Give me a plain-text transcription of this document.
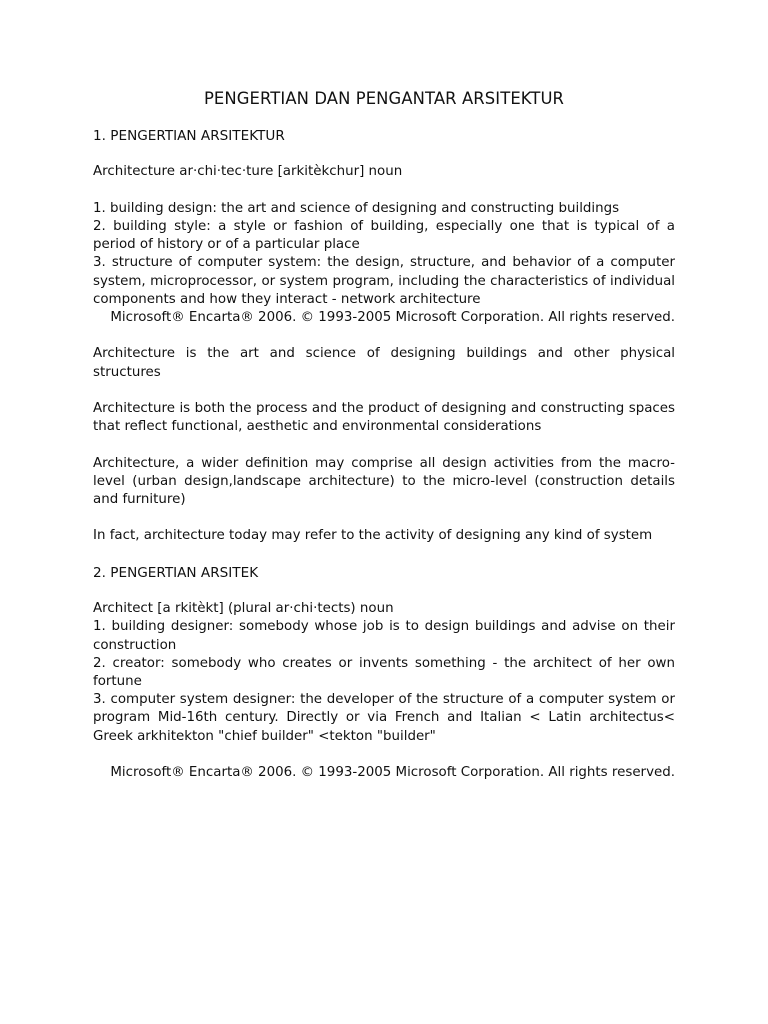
PENGERTIAN DAN PENGANTAR ARSITEKTUR
1. PENGERTIAN ARSITEKTUR
Architecture ar·chi·tec·ture [arkitèkchur] noun
1. building design: the art and science of designing and constructing buildings
2. building style: a style or fashion of building, especially one that is typical of a period of history or of a particular place
3. structure of computer system: the design, structure, and behavior of a computer system, microprocessor, or system program, including the characteristics of individual components and how they interact - network architecture
Microsoft® Encarta® 2006. © 1993-2005 Microsoft Corporation. All rights reserved.
Architecture is the art and science of designing buildings and other physical structures
Architecture is both the process and the product of designing and constructing spaces that reflect functional, aesthetic and environmental considerations
Architecture, a wider definition may comprise all design activities from the macro-level (urban design,landscape architecture) to the micro-level (construction details and furniture)
In fact, architecture today may refer to the activity of designing any kind of system
2. PENGERTIAN ARSITEK
Architect [a rkitèkt] (plural ar·chi·tects) noun
1. building designer: somebody whose job is to design buildings and advise on their construction
2. creator: somebody who creates or invents something - the architect of her own fortune
3. computer system designer: the developer of the structure of a computer system or program Mid-16th century. Directly or via French and Italian < Latin architectus< Greek arkhitekton "chief builder" <tekton "builder"
Microsoft® Encarta® 2006. © 1993-2005 Microsoft Corporation. All rights reserved.
